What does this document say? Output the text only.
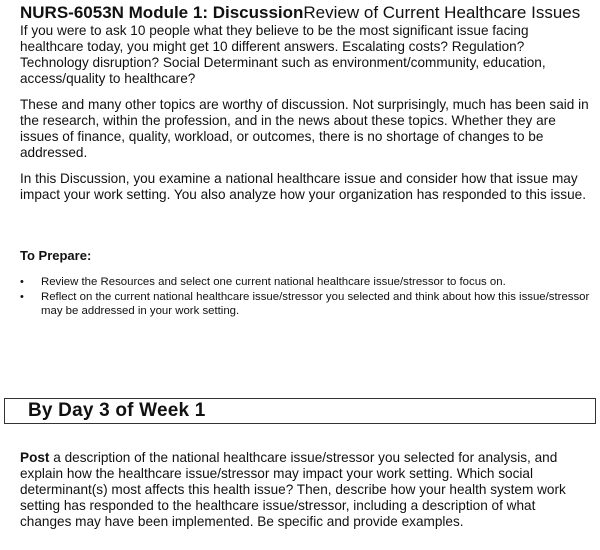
NURS-6053N Module 1: DiscussionReview of Current Healthcare Issues

If you were to ask 10 people what they believe to be the most significant issue facing healthcare today, you might get 10 different answers. Escalating costs? Regulation? Technology disruption? Social Determinant such as environment/community, education, access/quality to healthcare?

These and many other topics are worthy of discussion. Not surprisingly, much has been said in the research, within the profession, and in the news about these topics. Whether they are issues of finance, quality, workload, or outcomes, there is no shortage of changes to be addressed.

In this Discussion, you examine a national healthcare issue and consider how that issue may impact your work setting. You also analyze how your organization has responded to this issue.

To Prepare:
• Review the Resources and select one current national healthcare issue/stressor to focus on.
• Reflect on the current national healthcare issue/stressor you selected and think about how this issue/stressor may be addressed in your work setting.
By Day 3 of Week 1

Post a description of the national healthcare issue/stressor you selected for analysis, and explain how the healthcare issue/stressor may impact your work setting. Which social determinant(s) most affects this health issue? Then, describe how your health system work setting has responded to the healthcare issue/stressor, including a description of what changes may have been implemented. Be specific and provide examples.
